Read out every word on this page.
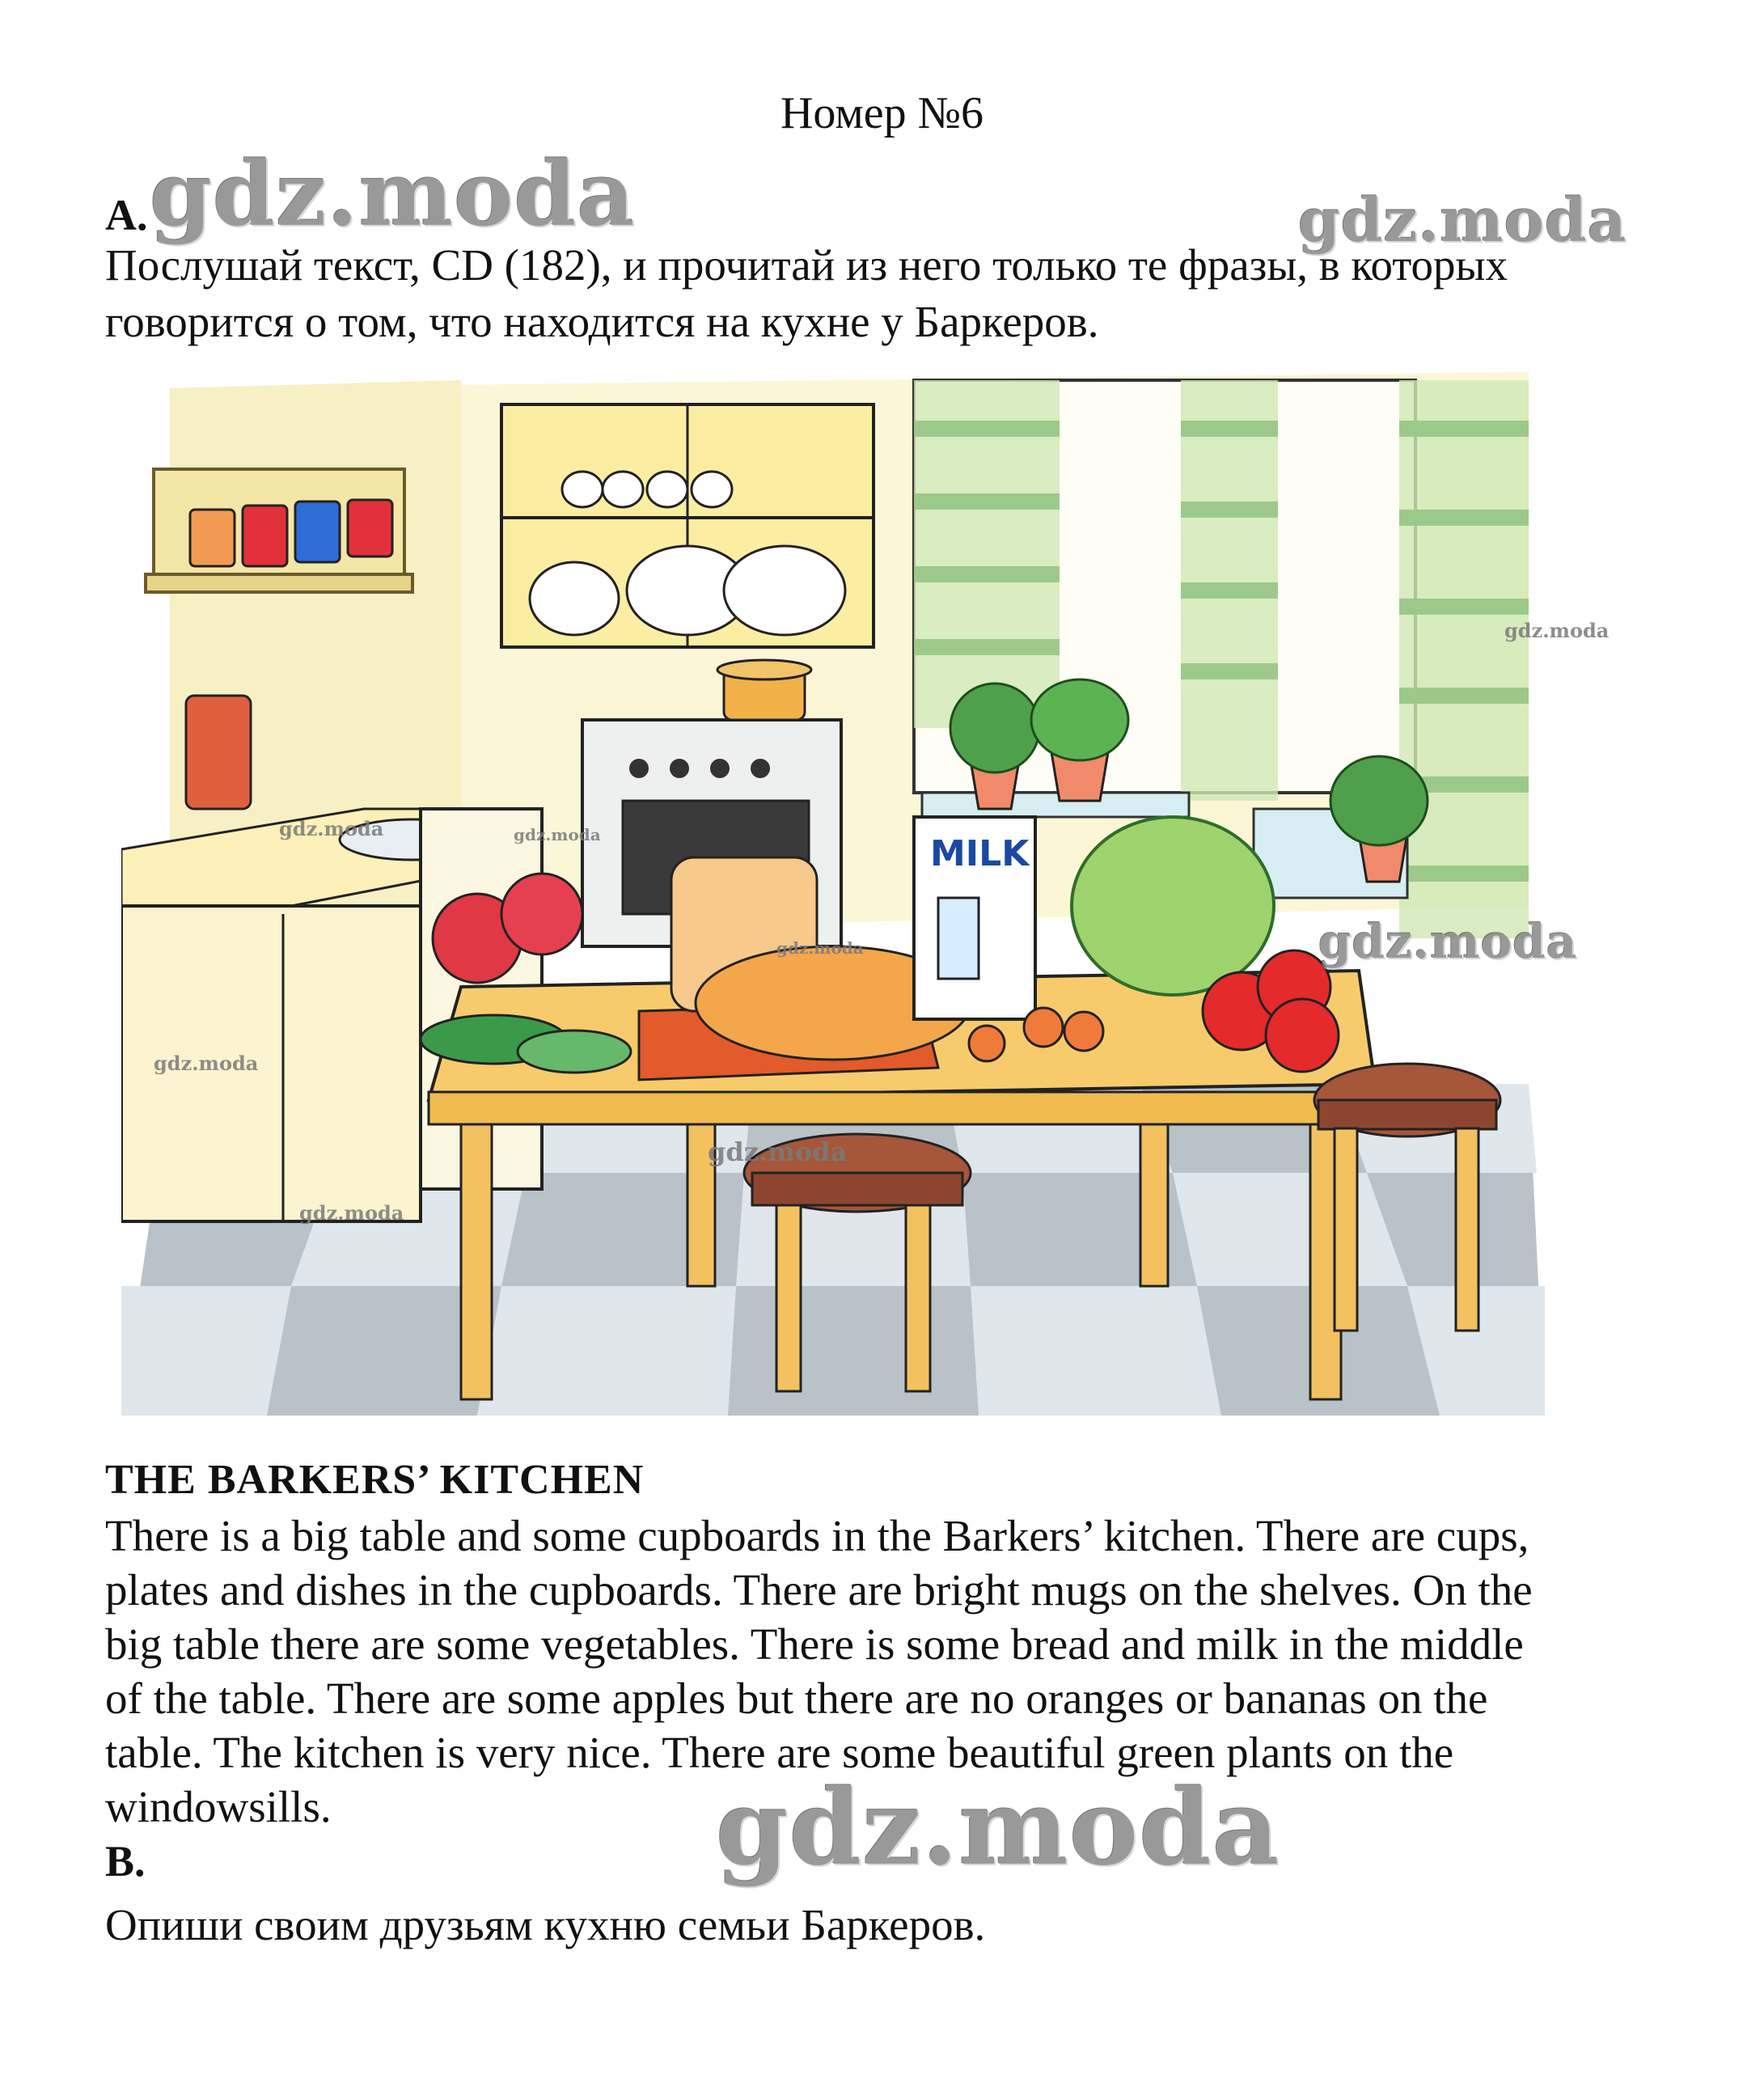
Номер №6
A.
Послушай текст, CD (182), и прочитай из него только те фразы, в которых
говорится о том, что находится на кухне у Баркеров.
MILK
THE BARKERS’ KITCHEN
There is a big table and some cupboards in the Barkers’ kitchen. There are cups,
plates and dishes in the cupboards. There are bright mugs on the shelves. On the
big table there are some vegetables. There is some bread and milk in the middle
of the table. There are some apples but there are no oranges or bananas on the
table. The kitchen is very nice. There are some beautiful green plants on the
windowsills.
B.
Опиши своим друзьям кухню семьи Баркеров.
gdz.moda	gdz.moda
gdz.moda
gdz.moda
gdz.moda
gdz.moda	gdz.moda
gdz.moda
gdz.moda
gdz.moda
gdz.moda
